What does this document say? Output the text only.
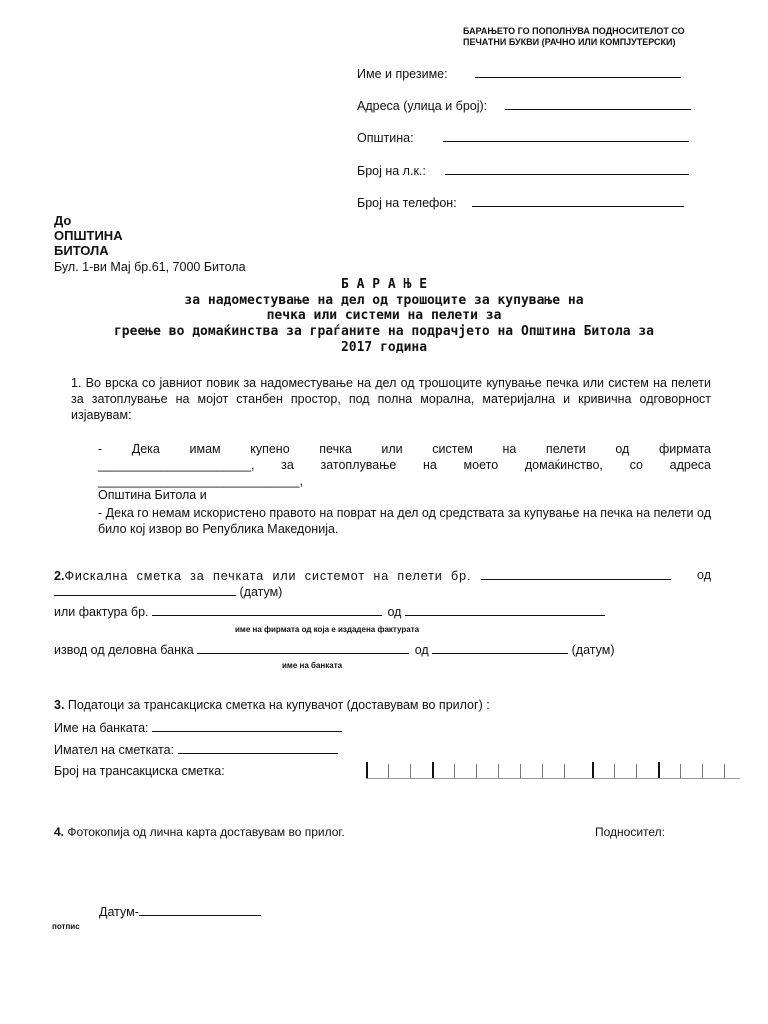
БАРАЊЕТО ГО ПОПОЛНУВА ПОДНОСИТЕЛОТ СО
ПЕЧАТНИ БУКВИ (РАЧНО ИЛИ КОМПЈУТЕРСКИ)
Име и презиме:
Адреса (улица и број):
Општина:
Број на л.к.:
Број на телефон:
До
ОПШТИНА
БИТОЛА
Бул. 1-ви Мај бр.61, 7000 Битола
Б А Р А Њ Е
за надоместување на дел од трошоците за купување на
печка или системи на пелети за
греење во домаќинства за граѓаните на подрачјето на Општина Битола за
2017 година
1. Во врска со јавниот повик за надоместување на дел од трошоците купување печка или систем на пелети за затоплување на мојот станбен простор, под полна морална, материјална и кривична одговорност изјавувам:
- Дека имам купено печка или систем на пелети од фирмата
______________________, за затоплување на моето домаќинство, со адреса
_____________________________,
Општина Битола и
- Дека го немам искористено правото на поврат на дел од средствата за купување на печка на пелети од било кој извор во Република Македонија.
2.Фискална сметка за печката или системот на пелети бр.	од
(датум)
или фактура бр.	од
име на фирмата од која е издадена фактурата
извод од деловна банка	од	(датум)
име на банката
3. Податоци за трансакциска сметка на купувачот (доставувам во прилог) :
Име на банката:
Имател на сметката:
Број на трансакциска сметка:
4. Фотокопија од лична карта доставувам во прилог.	Подносител:
Датум-
потпис
